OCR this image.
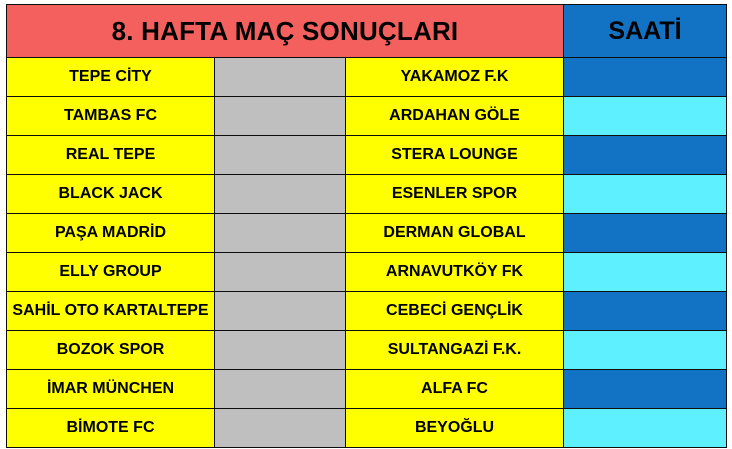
8. HAFTA MAÇ SONUÇLARI			SAATİ
TEPE CİTY		YAKAMOZ F.K	
TAMBAS FC		ARDAHAN GÖLE	
REAL TEPE		STERA LOUNGE	
BLACK JACK		ESENLER SPOR	
PAŞA MADRİD		DERMAN GLOBAL	
ELLY GROUP		ARNAVUTKÖY FK	
SAHİL OTO KARTALTEPE		CEBECİ GENÇLİK	
BOZOK SPOR		SULTANGAZİ F.K.	
İMAR MÜNCHEN		ALFA FC	
BİMOTE FC		BEYOĞLU	
